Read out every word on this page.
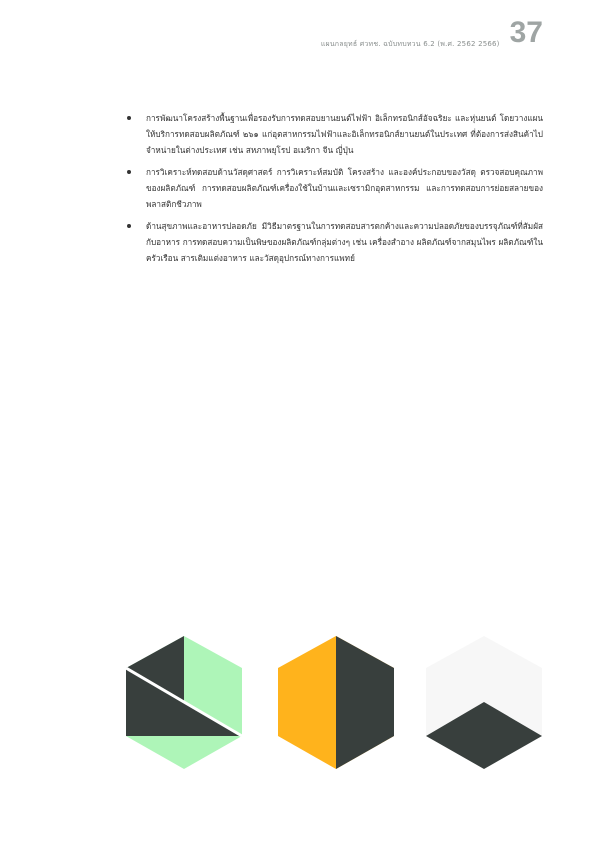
แผนกลยุทธ์ ศวทช. ฉบับทบทวน 6.2 (พ.ศ. 2562 2566) 37
การพัฒนาโครงสร้างพื้นฐานเพื่อรองรับการทดสอบยานยนต์ไฟฟ้า อิเล็กทรอนิกส์อัจฉริยะ และหุ่นยนต์ โดยวางแผนให้บริการทดสอบผลิตภัณฑ์ ๒๖๑ แก่อุตสาหกรรมไฟฟ้าและอิเล็กทรอนิกส์ยานยนต์ในประเทศ ที่ต้องการส่งสินค้าไปจำหน่ายในต่างประเทศ เช่น สหภาพยุโรป อเมริกา จีน ญี่ปุ่น
การวิเคราะห์ทดสอบด้านวัสดุศาสตร์ การวิเคราะห์สมบัติ โครงสร้าง และองค์ประกอบของวัสดุ ตรวจสอบคุณภาพของผลิตภัณฑ์ การทดสอบผลิตภัณฑ์เครื่องใช้ในบ้านและเซรามิกอุตสาหกรรม และการทดสอบการย่อยสลายของพลาสติกชีวภาพ
ด้านสุขภาพและอาหารปลอดภัย มีวิธีมาตรฐานในการทดสอบสารตกค้างและความปลอดภัยของบรรจุภัณฑ์ที่สัมผัสกับอาหาร การทดสอบความเป็นพิษของผลิตภัณฑ์กลุ่มต่างๆ เช่น เครื่องสำอาง ผลิตภัณฑ์จากสมุนไพร ผลิตภัณฑ์ในครัวเรือน สารเติมแต่งอาหาร และวัสดุอุปกรณ์ทางการแพทย์
